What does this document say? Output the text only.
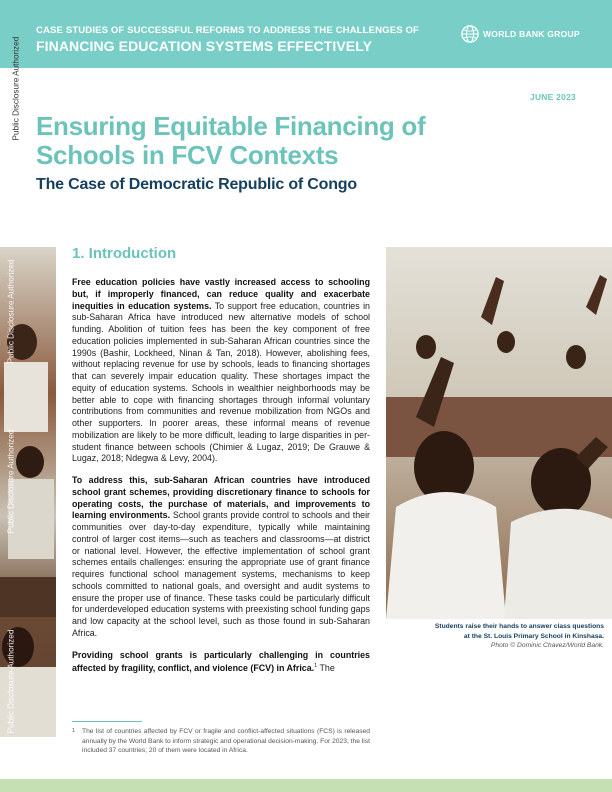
CASE STUDIES OF SUCCESSFUL REFORMS TO ADDRESS THE CHALLENGES OF
FINANCING EDUCATION SYSTEMS EFFECTIVELY
WORLD BANK GROUP
Public Disclosure Authorized	JUNE 2023
Ensuring Equitable Financing of Schools in FCV Contexts
The Case of Democratic Republic of Congo
Public Disclosure Authorized
Public Disclosure Authorized
Public Disclosure Authorized
Students raise their hands to answer class questions
at the St. Louis Primary School in Kinshasa.
Photo © Dominic Chavez/World Bank.
1. Introduction

Free education policies have vastly increased access to schooling but, if improperly financed, can reduce quality and exacerbate inequities in education systems. To support free education, countries in sub-Saharan Africa have introduced new alternative models of school funding. Abolition of tuition fees has been the key component of free education policies implemented in sub-Saharan African countries since the 1990s (Bashir, Lockheed, Ninan & Tan, 2018). However, abolishing fees, without replacing revenue for use by schools, leads to financing shortages that can severely impair education quality. These shortages impact the equity of education systems. Schools in wealthier neighborhoods may be better able to cope with financing shortages through informal voluntary contributions from communities and revenue mobilization from NGOs and other supporters. In poorer areas, these informal means of revenue mobilization are likely to be more difficult, leading to large disparities in per-student finance between schools (Chimier & Lugaz, 2019; De Grauwe & Lugaz, 2018; Ndegwa & Levy, 2004).

To address this, sub-Saharan African countries have introduced school grant schemes, providing discretionary finance to schools for operating costs, the purchase of materials, and improvements to learning environments. School grants provide control to schools and their communities over day-to-day expenditure, typically while maintaining control of larger cost items—such as teachers and classrooms—at district or national level. However, the effective implementation of school grant schemes entails challenges: ensuring the appropriate use of grant finance requires functional school management systems, mechanisms to keep schools committed to national goals, and oversight and audit systems to ensure the proper use of finance. These tasks could be particularly difficult for underdeveloped education systems with preexisting school funding gaps and low capacity at the school level, such as those found in sub-Saharan Africa.

Providing school grants is particularly challenging in countries affected by fragility, conflict, and violence (FCV) in Africa.$^1$ The

1 The list of countries affected by FCV or fragile and conflict-affected situations (FCS) is released annually by the World Bank to inform strategic and operational decision-making. For 2023, the list included 37 countries; 20 of them were located in Africa.
